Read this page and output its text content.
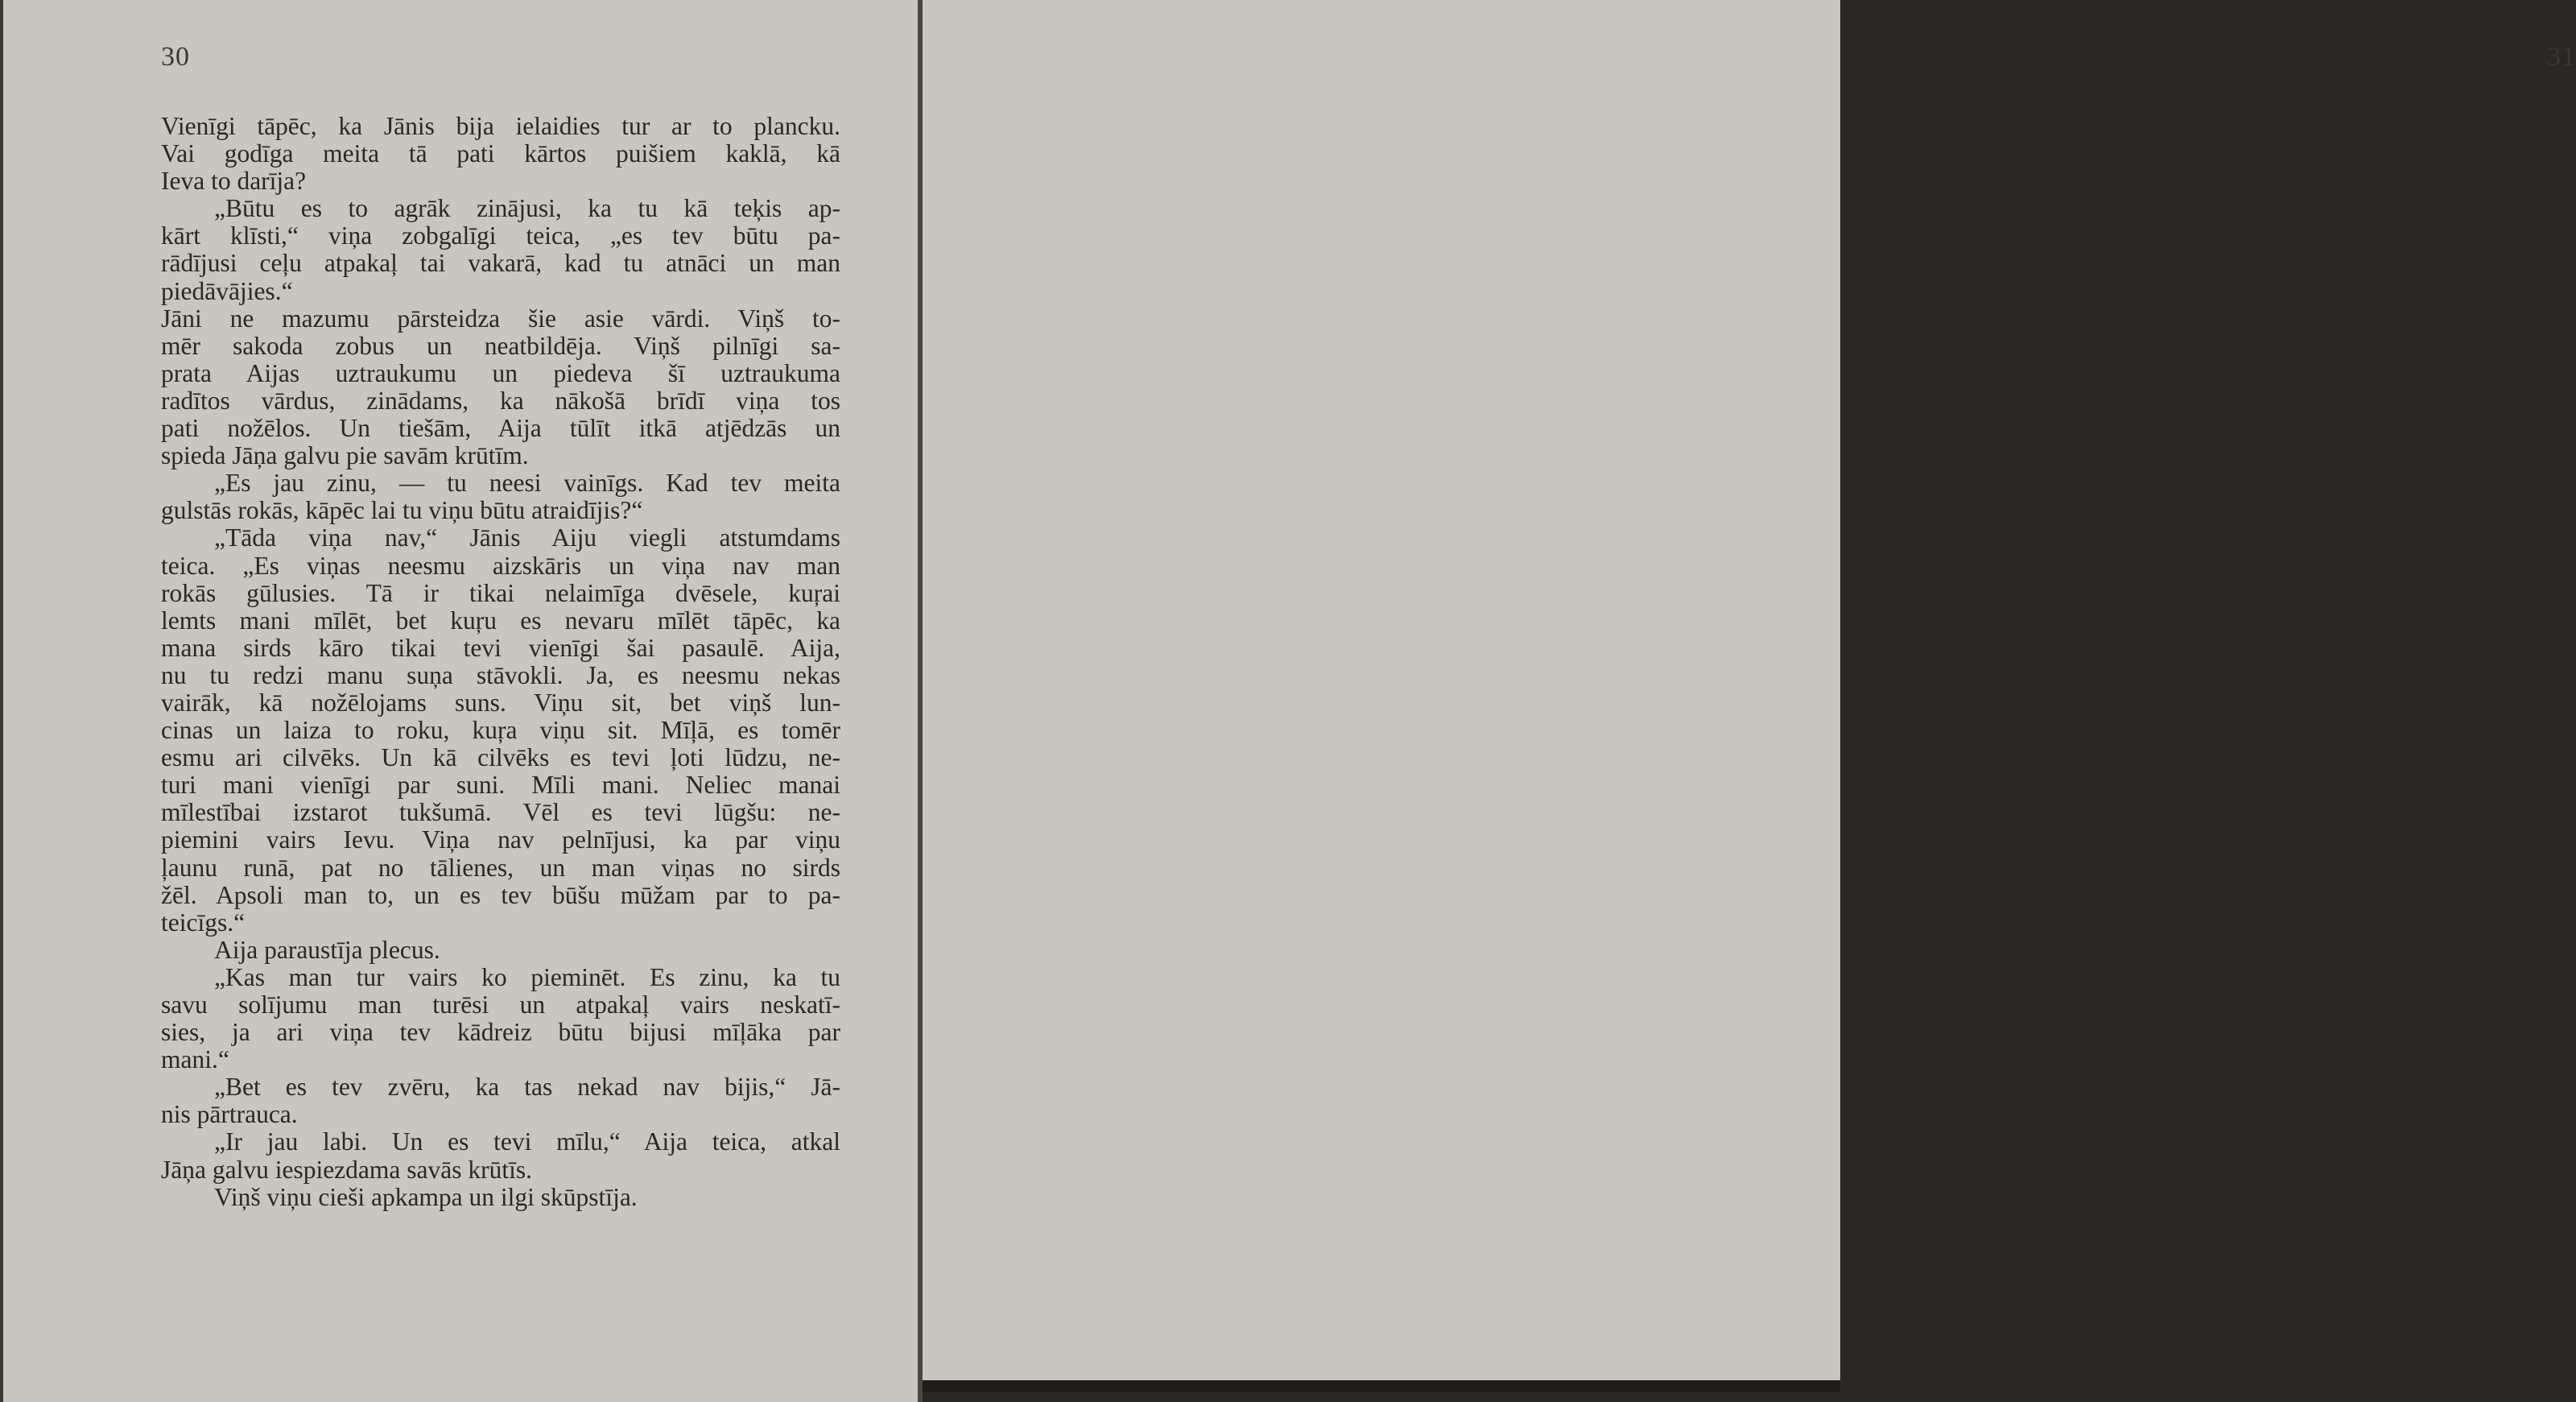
30
Vienīgi tāpēc, ka Jānis bija ielaidies tur ar to plancku.
Vai godīga meita tā pati kārtos puišiem kaklā, kā
Ieva to darīja?
„Būtu es to agrāk zinājusi, ka tu kā teķis ap-
kārt klīsti,“ viņa zobgalīgi teica, „es tev būtu pa-
rādījusi ceļu atpakaļ tai vakarā, kad tu atnāci un man
piedāvājies.“
Jāni ne mazumu pārsteidza šie asie vārdi. Viņš to-
mēr sakoda zobus un neatbildēja. Viņš pilnīgi sa-
prata Aijas uztraukumu un piedeva šī uztraukuma
radītos vārdus, zinādams, ka nākošā brīdī viņa tos
pati nožēlos. Un tiešām, Aija tūlīt itkā atjēdzās un
spieda Jāņa galvu pie savām krūtīm.
„Es jau zinu, — tu neesi vainīgs. Kad tev meita
gulstās rokās, kāpēc lai tu viņu būtu atraidījis?“
„Tāda viņa nav,“ Jānis Aiju viegli atstumdams
teica. „Es viņas neesmu aizskāris un viņa nav man
rokās gūlusies. Tā ir tikai nelaimīga dvēsele, kuŗai
lemts mani mīlēt, bet kuŗu es nevaru mīlēt tāpēc, ka
mana sirds kāro tikai tevi vienīgi šai pasaulē. Aija,
nu tu redzi manu suņa stāvokli. Ja, es neesmu nekas
vairāk, kā nožēlojams suns. Viņu sit, bet viņš lun-
cinas un laiza to roku, kuŗa viņu sit. Mīļā, es tomēr
esmu ari cilvēks. Un kā cilvēks es tevi ļoti lūdzu, ne-
turi mani vienīgi par suni. Mīli mani. Neliec manai
mīlestībai izstarot tukšumā. Vēl es tevi lūgšu: ne-
piemini vairs Ievu. Viņa nav pelnījusi, ka par viņu
ļaunu runā, pat no tālienes, un man viņas no sirds
žēl. Apsoli man to, un es tev būšu mūžam par to pa-
teicīgs.“
Aija paraustīja plecus.
„Kas man tur vairs ko pieminēt. Es zinu, ka tu
savu solījumu man turēsi un atpakaļ vairs neskatī-
sies, ja ari viņa tev kādreiz būtu bijusi mīļāka par
mani.“
„Bet es tev zvēru, ka tas nekad nav bijis,“ Jā-
nis pārtrauca.
„Ir jau labi. Un es tevi mīlu,“ Aija teica, atkal
Jāņa galvu iespiezdama savās krūtīs.
Viņš viņu cieši apkampa un ilgi skūpstīja.
31
— Bet tai pašā laikā Radu klētiņā Ieva sēdēja
viena pati savā gultā un pār vaigiem bez mitēšanās
viņai ritēja lielas, skaidras asaras. Būtu Jānis redzē-
jis šīs asaras, bez šaubām, tās būtu uz viņu darījušas
savu iespaidu. Nu to ritēšanai bija vienīgi tā nozīme,
ka viņas atviegloja nabaga meičas sirdi. Ieva tur
sēdēja un domāja par pagājušo vasaru. Cik daudz
kas te tika pārrunāts un izsapņots. Viņa atcerējās
skaisto gājienu uz baznīcu, ko Jānis, kuŗš Dievam
neticēja, uzņēmās vienīgi viņas dēļ. Viņš vispār bija
kā vadoša zvaigzne viņas dzīvē. Viņš bija tik labs un
saudzīgs pret viņu kā pret sievieti, kuŗa savā lielā
mīlestības apreibumā būtu viņam labprāt upurēju-
sies. Viņas acis viņš stāvēja tik augstu, ka viņu pār-
sniegt nevarēja neviens cits vīrietis visā plašā pa-
saulē. Bezgala jauka viņai šķita pat tā nelaimīgā
nakts, kad Jānis savā dzērumā un gara apmulsumā
bija metis viņai ar lāpstu un viņu viegli ievainojis.
Ieva savās domās bij tik dziļi iegrimusi, ka ne-
maz nepamanīja Jāņa māti, kuŗa bija ienākusi un jau
labu brīdi viņā raudzījās. Tikai viņas paskarbā balss
iztraucēju raudošo meitu. Viņa pacēla asaru pilnās
acis un kā nesaprašanā klausījās.
„Ko tu, muļķe, raudi. Vēl jau visām dienām nav
gals. Tu visu par daudz ātri ņem pie sirds. Man jau
saimniece stāstīja, ka viņi uzsaukti. Vai tad tu domā,
ka es savam vienīgam dēlam ļaušu precēt atraitni.
Lai viņai ta mājele, tomēr — jābrauc visu mūžu kā
svešos ratos. Pagaidi vien, gan mēs viņu dabūsim
atpakaļ kā brāli.“
Balodiene uz brīdi atņēma elpu, lai redzētu, kā-
du iespaidu viņas vārdi atstāja uz bēdās iegrimušo
meitu.
Ieva tikko manami pavilka uz augšu plecus un
paslēpa seju spilvenā.
„To es tev saku, — viņš pārnāks mājā kā incis,
jeb viņš mans dēls vairs nebūs. Vai viņš mazumu vi-
ņas dēļ jau senāk izbēdājies? Vēl bija tīrais puika,
kad toreiz Lapās dzīvoja un kad aizgāja pie Galdara.
Visi ļaudis smējās un runāja, ka Aija Lapu ganu zēnu
